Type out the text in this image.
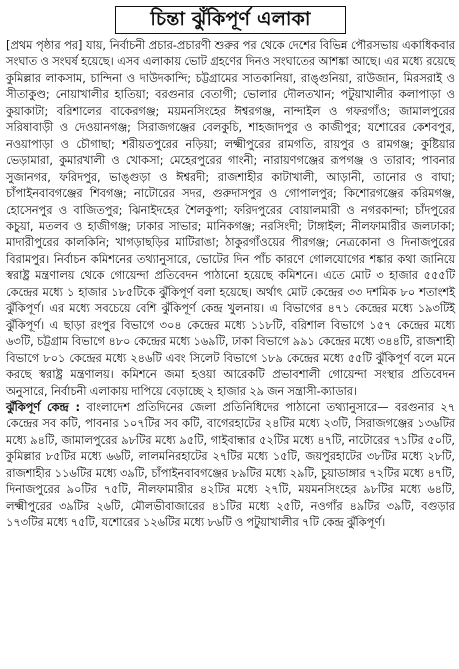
চিন্তা ঝুঁকিপূর্ণ এলাকা

[প্রথম পৃষ্ঠার পর] যায়, নির্বাচনী প্রচার-প্রচারণী শুরুর পর থেকে দেশের বিভিন্ন পৌরসভায় একাধিকবার সংঘাত ও সংঘর্ষ হয়েছে। এসব এলাকায় ভোট গ্রহণের দিনও সংঘাতের আশঙ্কা আছে। এর মধ্যে রয়েছে কুমিল্লার লাকসাম, চান্দিনা ও দাউদকান্দি; চট্টগ্রামের সাতকানিয়া, রাঙ্গুনিয়া, রাউজান, মিরসরাই ও সীতাকুণ্ড; নোয়াখালীর হাতিয়া; বরগুনার বেতাগী; ভোলার দৌলতখান; পটুয়াখালীর কলাপাড়া ও কুয়াকাটা; বরিশালের বাকেরগঞ্জ; ময়মনসিংহের ঈশ্বরগঞ্জ, নান্দাইল ও গফরগাঁও; জামালপুরের সরিষাবাড়ী ও দেওয়ানগঞ্জ; সিরাজগঞ্জের বেলকুচি, শাহজাদপুর ও কাজীপুর; যশোরের কেশবপুর, নওয়াপাড়া ও চৌগাছা; শরীয়তপুরের নড়িয়া; লক্ষ্মীপুরের রামগতি, রায়পুর ও রামগঞ্জ; কুষ্টিয়ার ভেড়ামারা, কুমারখালী ও খোকসা; মেহেরপুরের গাংনী; নারায়ণগঞ্জের রূপগঞ্জ ও তারাব; পাবনার সুজানগর, ফরিদপুর, ভাঙ্গুড়া ও ঈশ্বরদী; রাজশাহীর কাটাখালী, আড়ানী, তানোর ও বাঘা; চাঁপাইনবাবগঞ্জের শিবগঞ্জ; নাটোরের সদর, গুরুদাসপুর ও গোপালপুর; কিশোরগঞ্জের করিমগঞ্জ, হোসেনপুর ও বাজিতপুর; ঝিনাইদহের শৈলকুপা; ফরিদপুরের বোয়ালমারী ও নগরকান্দা; চাঁদপুরের কচুয়া, মতলব ও হাজীগঞ্জ; ঢাকার সাভার; মানিকগঞ্জ; নরসিংদী; টাঙ্গাইল; নীলফামারীর জলঢাকা; মাদারীপুরের কালকিনি; খাগড়াছড়ির মাটিরাঙা; ঠাকুরগাঁওয়ের পীরগঞ্জ; নেত্রকোনা ও দিনাজপুরের বিরামপুর। নির্বাচন কমিশনের তথ্যানুসারে, ভোটের দিন পাঁচ কারণে গোলযোগের শঙ্কার কথা জানিয়ে স্বরাষ্ট্র মন্ত্রণালয় থেকে গোয়েন্দা প্রতিবেদন পাঠানো হয়েছে কমিশনে। এতে মোট ৩ হাজার ৫৫৫টি কেন্দ্রের মধ্যে ১ হাজার ১৮৫টিকে ঝুঁকিপূর্ণ বলা হয়েছে। অর্থাৎ মোট কেন্দ্রের ৩৩ দশমিক ৮০ শতাংশই ঝুঁকিপূর্ণ। এর মধ্যে সবচেয়ে বেশি ঝুঁকিপূর্ণ কেন্দ্র খুলনায়। এ বিভাগের ৪৭১ কেন্দ্রের মধ্যে ১৯৩টিই ঝুঁকিপূর্ণ। এ ছাড়া রংপুর বিভাগে ৩০৪ কেন্দ্রের মধ্যে ১১৮টি, বরিশাল বিভাগে ১৫৭ কেন্দ্রের মধ্যে ৬৩টি, চট্টগ্রাম বিভাগে ৪৮০ কেন্দ্রের মধ্যে ১৬৯টি, ঢাকা বিভাগে ৯৯১ কেন্দ্রের মধ্যে ৩৪৪টি, রাজশাহী বিভাগে ৮০১ কেন্দ্রের মধ্যে ২৪৬টি এবং সিলেট বিভাগে ১৮৯ কেন্দ্রের মধ্যে ৫৫টি ঝুঁকিপূর্ণ বলে মনে করছে স্বরাষ্ট্র মন্ত্রণালয়। কমিশনে জমা হওয়া আরেকটি প্রভাবশালী গোয়েন্দা সংস্থার প্রতিবেদন অনুসারে, নির্বাচনী এলাকায় দাপিয়ে বেড়াচ্ছে ২ হাজার ২৯ জন সন্ত্রাসী-ক্যাডার।

ঝুঁকিপূর্ণ কেন্দ্র : বাংলাদেশ প্রতিদিনের জেলা প্রতিনিধিদের পাঠানো তথ্যানুসারে— বরগুনার ২৭ কেন্দ্রের সব কটি, পাবনার ১০৭টির সব কটি, বাগেরহাটের ২৪টির মধ্যে ২৩টি, সিরাজগঞ্জের ১৩৬টির মধ্যে ৯৪টি, জামালপুরের ৯৮টির মধ্যে ৯৫টি, গাইবান্ধার ৫২টির মধ্যে ৪৭টি, নাটোরের ৭১টির ৫০টি, কুমিল্লার ৮৫টির মধ্যে ৬৬টি, লালমনিরহাটের ২৭টির মধ্যে ১৫টি, জয়পুরহাটের ৩৮টির মধ্যে ২৮টি, রাজশাহীর ১১৬টির মধ্যে ৩৯টি, চাঁপাইনবাবগঞ্জের ৮৯টির মধ্যে ২৯টি, চুয়াডাঙ্গার ৭২টির মধ্যে ৪৭টি, দিনাজপুরের ৯০টির ৭৫টি, নীলফামারীর ৪২টির মধ্যে ২৭টি, ময়মনসিংহের ৯৮টির মধ্যে ৬৪টি, লক্ষ্মীপুরের ৩৯টির ২৬টি, মৌলভীবাজারের ৪১টির মধ্যে ২৫টি, নওগাঁর ৪৯টির ৩৯টি, বগুড়ার ১৭৩টির মধ্যে ৭৫টি, যশোরের ১২৬টির মধ্যে ৮৬টি ও পটুয়াখালীর ৭টি কেন্দ্র ঝুঁকিপূর্ণ।
